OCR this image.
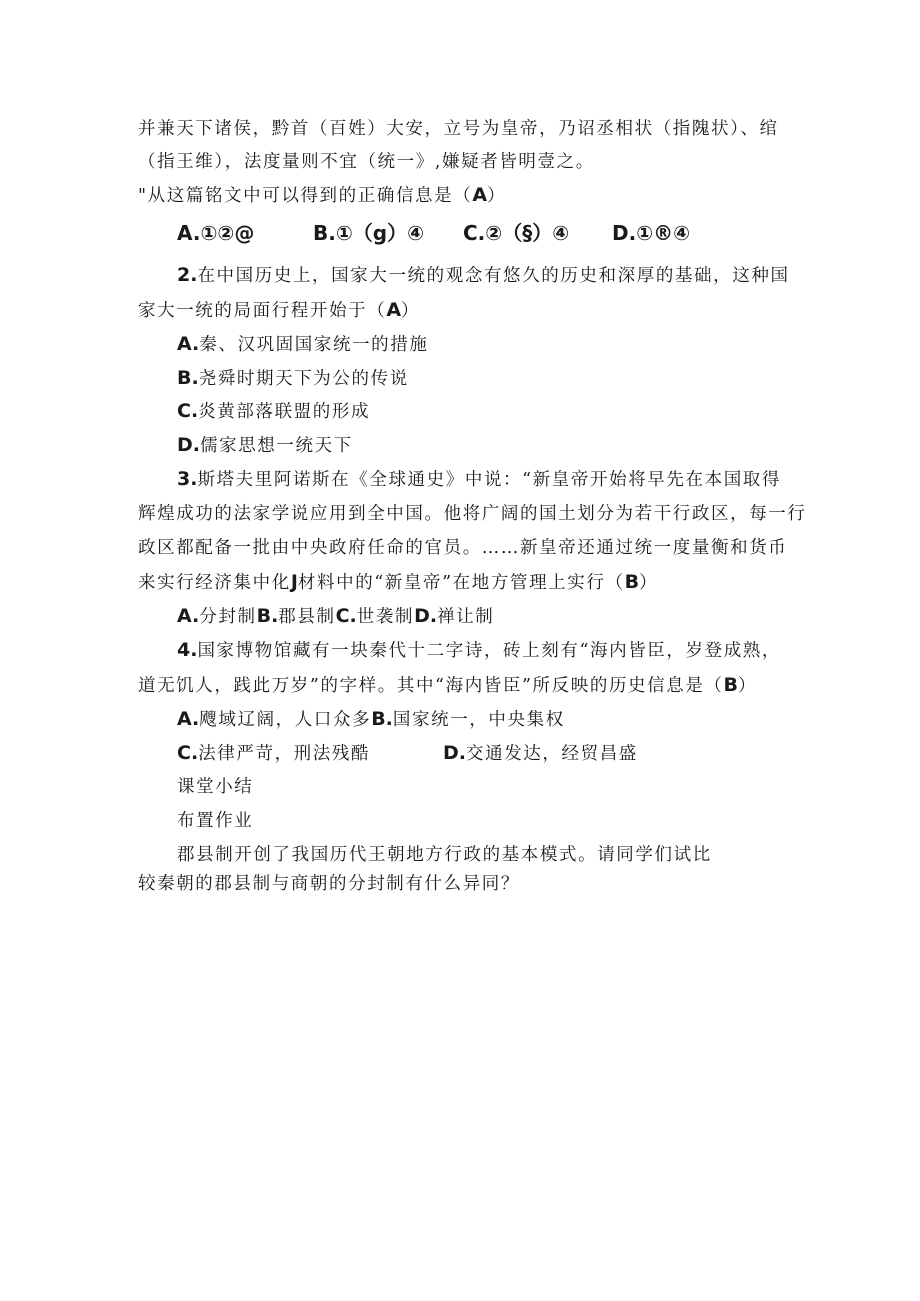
并兼天下诸侯，黔首（百姓）大安，立号为皇帝，乃诏丞相状（指隗状）、绾
（指王维），法度量则不宜（统一》,嫌疑者皆明壹之。
"从这篇铭文中可以得到的正确信息是（A）
A.①②@	B.①（g）④ C.②（§）④ D.①®④
2.在中国历史上，国家大一统的观念有悠久的历史和深厚的基础，这种国
家大一统的局面行程开始于（A）
A.秦、汉巩固国家统一的措施
B.尧舜时期天下为公的传说
C.炎黄部落联盟的形成
D.儒家思想一统天下
3.斯塔夫里阿诺斯在《全球通史》中说：“新皇帝开始将早先在本国取得
辉煌成功的法家学说应用到全中国。他将广阔的国土划分为若干行政区，每一行
政区都配备一批由中央政府任命的官员。……新皇帝还通过统一度量衡和货币
来实行经济集中化J材料中的“新皇帝”在地方管理上实行（B）
A.分封制B.郡县制C.世袭制D.禅让制
4.国家博物馆藏有一块秦代十二字诗，砖上刻有“海内皆臣，岁登成熟，
道无饥人，践此万岁”的字样。其中“海内皆臣”所反映的历史信息是（B）
A.飕域辽阔，人口众多B.国家统一，中央集权
C.法律严苛，刑法残酷	D.交通发达，经贸昌盛
课堂小结
布置作业
郡县制开创了我国历代王朝地方行政的基本模式。请同学们试比
较秦朝的郡县制与商朝的分封制有什么异同？
